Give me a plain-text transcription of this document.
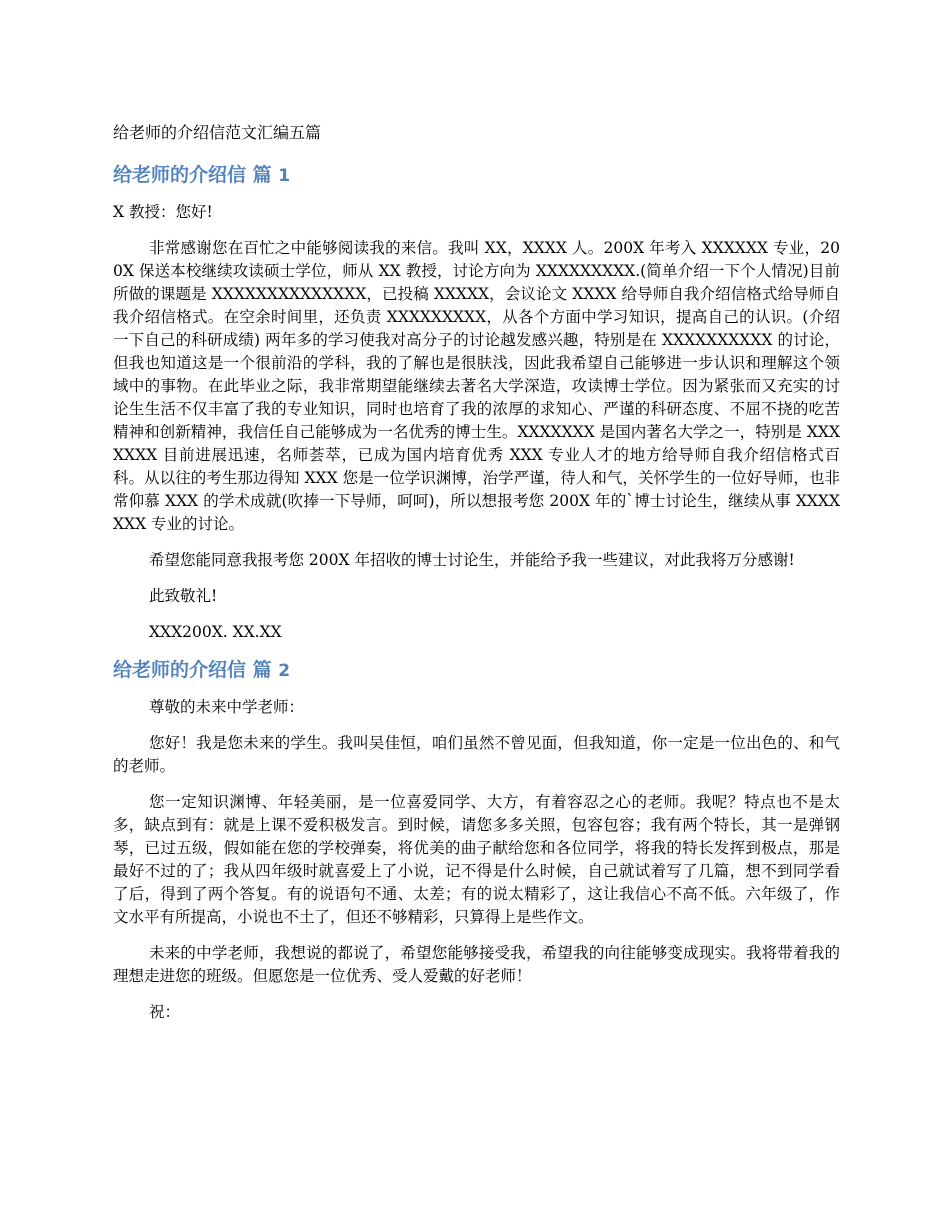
给老师的介绍信范文汇编五篇
给老师的介绍信 篇 1

X 教授：您好!

非常感谢您在百忙之中能够阅读我的来信。我叫 XX，XXXX 人。200X 年考入 XXXXXX 专业，200X 保送本校继续攻读硕士学位，师从 XX 教授，讨论方向为 XXXXXXXXX.(简单介绍一下个人情况)目前所做的课题是 XXXXXXXXXXXXXX，已投稿 XXXXX，会议论文 XXXX 给导师自我介绍信格式给导师自我介绍信格式。在空余时间里，还负责 XXXXXXXXX，从各个方面中学习知识，提高自己的认识。(介绍一下自己的科研成绩) 两年多的学习使我对高分子的讨论越发感兴趣，特别是在 XXXXXXXXXX 的讨论，但我也知道这是一个很前沿的学科，我的了解也是很肤浅，因此我希望自己能够进一步认识和理解这个领域中的事物。在此毕业之际，我非常期望能继续去著名大学深造，攻读博士学位。因为紧张而又充实的讨论生生活不仅丰富了我的专业知识，同时也培育了我的浓厚的求知心、严谨的科研态度、不屈不挠的吃苦精神和创新精神，我信任自己能够成为一名优秀的博士生。XXXXXXX 是国内著名大学之一，特别是 XXXXXXX 目前进展迅速，名师荟萃，已成为国内培育优秀 XXX 专业人才的地方给导师自我介绍信格式百科。从以往的考生那边得知 XXX 您是一位学识渊博，治学严谨，待人和气，关怀学生的一位好导师，也非常仰慕 XXX 的学术成就(吹捧一下导师，呵呵)，所以想报考您 200X 年的`博士讨论生，继续从事 XXXXXXX 专业的讨论。

希望您能同意我报考您 200X 年招收的博士讨论生，并能给予我一些建议，对此我将万分感谢!

此致敬礼!

XXX200X. XX.XX

给老师的介绍信 篇 2

尊敬的未来中学老师：

您好！我是您未来的学生。我叫吴佳恒，咱们虽然不曾见面，但我知道，你一定是一位出色的、和气的老师。

您一定知识渊博、年轻美丽，是一位喜爱同学、大方，有着容忍之心的老师。我呢？特点也不是太多，缺点到有：就是上课不爱积极发言。到时候，请您多多关照，包容包容；我有两个特长，其一是弹钢琴，已过五级，假如能在您的学校弹奏，将优美的曲子献给您和各位同学，将我的特长发挥到极点，那是最好不过的了；我从四年级时就喜爱上了小说，记不得是什么时候，自己就试着写了几篇，想不到同学看了后，得到了两个答复。有的说语句不通、太差；有的说太精彩了，这让我信心不高不低。六年级了，作文水平有所提高，小说也不土了，但还不够精彩，只算得上是些作文。

未来的中学老师，我想说的都说了，希望您能够接受我，希望我的向往能够变成现实。我将带着我的理想走进您的班级。但愿您是一位优秀、受人爱戴的好老师！

祝：
